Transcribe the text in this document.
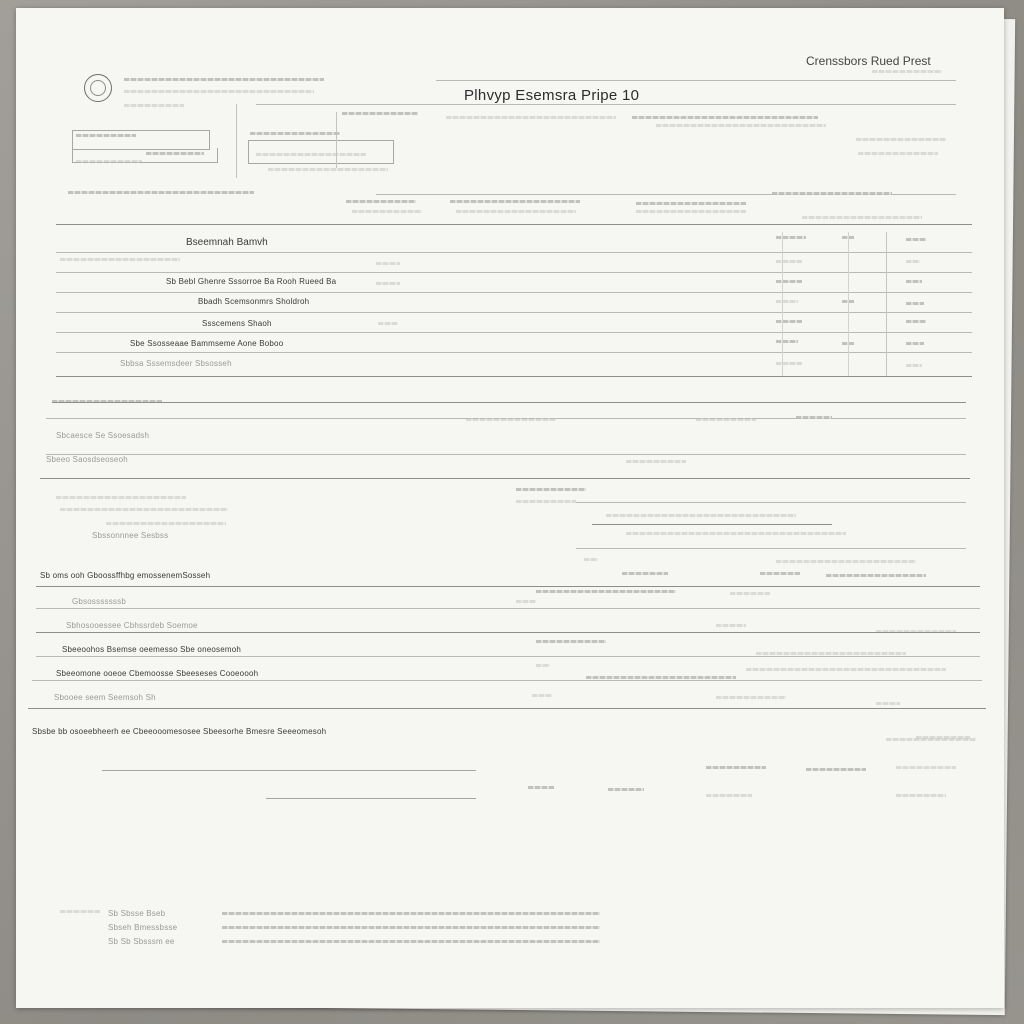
Plhvyp Esemsra Pripe 10
Crenssbors Rued Prest
Bseemnah Bamvh
Sb Bebl Ghenre Sssorroe Ba Rooh Rueed Ba
Bbadh Scemsonmrs Sholdroh
Ssscemens Shaoh
Sbe Ssosseaae Bammseme Aone Boboo
Sbbsa Sssemsdeer Sbsosseh
Sbcaesce Se Ssoesadsh
Sbeeo Saosdseoseoh
Sbssonnnee Sesbss
Sb oms ooh Gboossffhbg emossenemSosseh
Gbsosssssssb
Sbhosooessee Cbhssrdeb Soemoe
Sbeeoohos Bsemse oeemesso Sbe oneosemoh
Sbeeomone ooeoe Cbemoosse Sbeeseses Cooeoooh
Sbooee seem Seemsoh Sh
Sbsbe bb osoeebheerh ee Cbeeooomesosee Sbeesorhe Bmesre Seeeomesoh
Sb Sbsse Bseb
Sbseh Bmessbsse
Sb Sb Sbsssm ee
